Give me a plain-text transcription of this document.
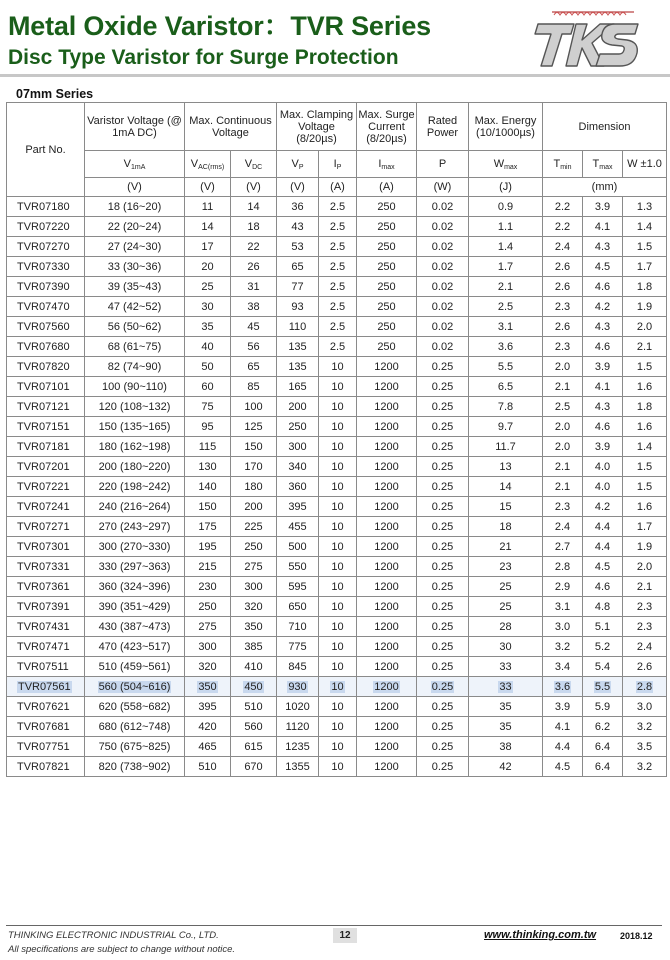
Metal Oxide Varistor：TVR Series
Disc Type Varistor for Surge Protection
07mm Series
Part No.	Varistor Voltage (@ 1mA DC)	Max. Continuous Voltage		Max. Clamping Voltage (8/20µs)		Max. Surge Current (8/20µs)	Rated Power	Max. Energy (10/1000µs)	Dimension		
	$V_{1mA}$	$V_{AC(rms)}$	$V_{DC}$	$V_P$	$I_P$	$I_{max}$	P	$W_{max}$	$T_{min}$	$T_{max}$	W ±1.0
	(V)	(V)	(V)	(V)	(A)	(A)	(W)	(J)	(mm)		
TVR07180	18 (16~20)	11	14	36	2.5	250	0.02	0.9	2.2	3.9	1.3
TVR07220	22 (20~24)	14	18	43	2.5	250	0.02	1.1	2.2	4.1	1.4
TVR07270	27 (24~30)	17	22	53	2.5	250	0.02	1.4	2.4	4.3	1.5
TVR07330	33 (30~36)	20	26	65	2.5	250	0.02	1.7	2.6	4.5	1.7
TVR07390	39 (35~43)	25	31	77	2.5	250	0.02	2.1	2.6	4.6	1.8
TVR07470	47 (42~52)	30	38	93	2.5	250	0.02	2.5	2.3	4.2	1.9
TVR07560	56 (50~62)	35	45	110	2.5	250	0.02	3.1	2.6	4.3	2.0
TVR07680	68 (61~75)	40	56	135	2.5	250	0.02	3.6	2.3	4.6	2.1
TVR07820	82 (74~90)	50	65	135	10	1200	0.25	5.5	2.0	3.9	1.5
TVR07101	100 (90~110)	60	85	165	10	1200	0.25	6.5	2.1	4.1	1.6
TVR07121	120 (108~132)	75	100	200	10	1200	0.25	7.8	2.5	4.3	1.8
TVR07151	150 (135~165)	95	125	250	10	1200	0.25	9.7	2.0	4.6	1.6
TVR07181	180 (162~198)	115	150	300	10	1200	0.25	11.7	2.0	3.9	1.4
TVR07201	200 (180~220)	130	170	340	10	1200	0.25	13	2.1	4.0	1.5
TVR07221	220 (198~242)	140	180	360	10	1200	0.25	14	2.1	4.0	1.5
TVR07241	240 (216~264)	150	200	395	10	1200	0.25	15	2.3	4.2	1.6
TVR07271	270 (243~297)	175	225	455	10	1200	0.25	18	2.4	4.4	1.7
TVR07301	300 (270~330)	195	250	500	10	1200	0.25	21	2.7	4.4	1.9
TVR07331	330 (297~363)	215	275	550	10	1200	0.25	23	2.8	4.5	2.0
TVR07361	360 (324~396)	230	300	595	10	1200	0.25	25	2.9	4.6	2.1
TVR07391	390 (351~429)	250	320	650	10	1200	0.25	25	3.1	4.8	2.3
TVR07431	430 (387~473)	275	350	710	10	1200	0.25	28	3.0	5.1	2.3
TVR07471	470 (423~517)	300	385	775	10	1200	0.25	30	3.2	5.2	2.4
TVR07511	510 (459~561)	320	410	845	10	1200	0.25	33	3.4	5.4	2.6
TVR07561	560 (504~616)	350	450	930	10	1200	0.25	33	3.6	5.5	2.8
TVR07621	620 (558~682)	395	510	1020	10	1200	0.25	35	3.9	5.9	3.0
TVR07681	680 (612~748)	420	560	1120	10	1200	0.25	35	4.1	6.2	3.2
TVR07751	750 (675~825)	465	615	1235	10	1200	0.25	38	4.4	6.4	3.5
TVR07821	820 (738~902)	510	670	1355	10	1200	0.25	42	4.5	6.4	3.2
THINKING ELECTRONIC INDUSTRIAL Co., LTD.
All specifications are subject to change without notice.
12	www.thinking.com.tw	2018.12
